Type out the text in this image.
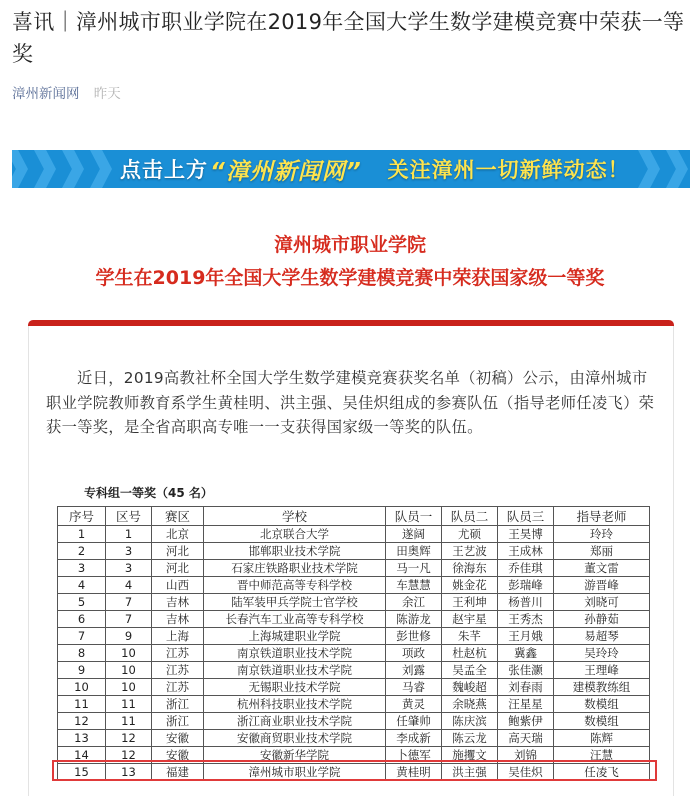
喜讯｜漳州城市职业学院在2019年全国大学生数学建模竞赛中荣获一等奖
漳州新闻网 昨天
点击上方 “漳州新闻网” 关注漳州一切新鲜动态！
漳州城市职业学院
学生在2019年全国大学生数学建模竞赛中荣获国家级一等奖
近日，2019高教社杯全国大学生数学建模竞赛获奖名单（初稿）公示，由漳州城市职业学院教师教育系学生黄桂明、洪主强、吴佳炽组成的参赛队伍（指导老师任凌飞）荣获一等奖，是全省高职高专唯一一支获得国家级一等奖的队伍。
专科组一等奖（45 名）
序号	区号	赛区	学校	队员一	队员二	队员三	指导老师
1	1	北京	北京联合大学	遂阔	尤硕	王昊博	玲玲
2	3	河北	邯郸职业技术学院	田奥辉	王艺波	王成林	郑丽
3	3	河北	石家庄铁路职业技术学院	马一凡	徐海东	乔佳琪	董文雷
4	4	山西	晋中师范高等专科学校	车慧慧	姚金花	彭瑞峰	游晋峰
5	7	吉林	陆军装甲兵学院士官学校	余江	王利坤	杨普川	刘晓可
6	7	吉林	长春汽车工业高等专科学校	陈游龙	赵宇星	王秀杰	孙静茹
7	9	上海	上海城建职业学院	彭世修	朱芊	王月娥	易超琴
8	10	江苏	南京铁道职业技术学院	项政	杜赵杭	冀鑫	吴玲玲
9	10	江苏	南京铁道职业技术学院	刘露	吴孟全	张佳灏	王理峰
10	10	江苏	无锡职业技术学院	马睿	魏峻超	刘春雨	建模教练组
11	11	浙江	杭州科技职业技术学院	黄灵	余晓燕	汪星星	数模组
12	11	浙江	浙江商业职业技术学院	任肇帅	陈庆滨	鲍紫伊	数模组
13	12	安徽	安徽商贸职业技术学院	李成新	陈云龙	高天瑞	陈辉
14	12	安徽	安徽新华学院	卜德军	施攫文	刘锦	汪慧
15	13	福建	漳州城市职业学院	黄桂明	洪主强	吴佳炽	任凌飞
